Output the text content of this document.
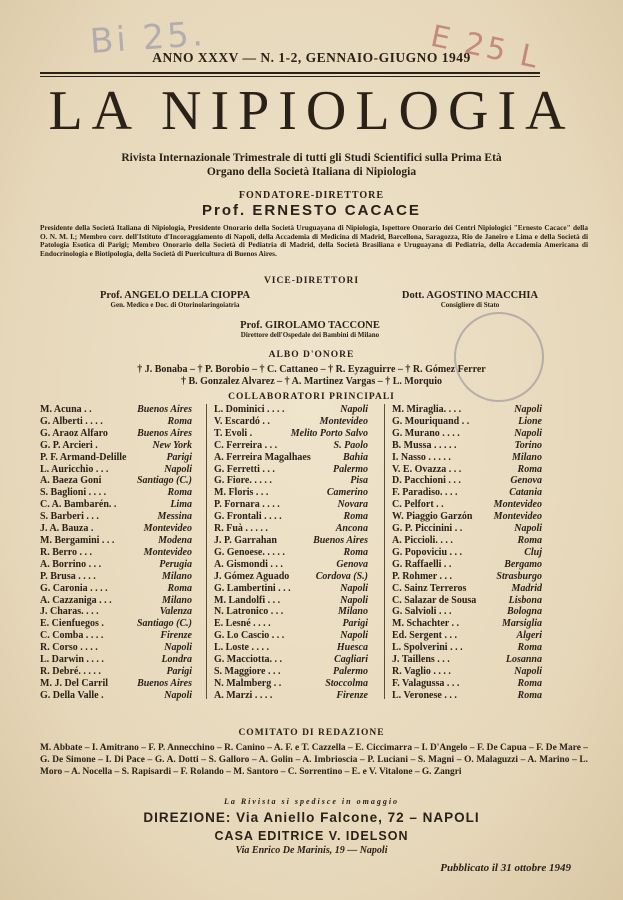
Bi 25.	E 25 L
ANNO XXXV — N. 1-2, GENNAIO-GIUGNO 1949
LA NIPIOLOGIA
Rivista Internazionale Trimestrale di tutti gli Studi Scientifici sulla Prima Età
Organo della Società Italiana di Nipiologia
FONDATORE-DIRETTORE
Prof. ERNESTO CACACE
Presidente della Società Italiana di Nipiologia, Presidente Onorario della Società Uruguayana di Nipiologia, Ispettore Onorario dei Centri Nipiologici "Ernesto Cacace" della O. N. M. I.; Membro corr. dell'Istituto d'Incoraggiamento di Napoli, della Accademia di Medicina di Madrid, Barcellona, Saragozza, Rio de Janeiro e Lima e della Società di Patologia Esotica di Parigi; Membro Onorario della Società di Pediatria di Madrid, della Società Brasiliana e Uruguayana di Pediatria, della Accademia Americana di Endocrinologia e Biotipologia, della Società di Puericultura di Buenos Aires.
VICE-DIRETTORI
Prof. ANGELO DELLA CIOPPA
Gen. Medico e Doc. di Otorinolaringoiatria
Dott. AGOSTINO MACCHIA
Consigliere di Stato
Prof. GIROLAMO TACCONE
Direttore dell'Ospedale dei Bambini di Milano
ALBO D'ONORE
† J. Bonaba – † P. Borobio – † C. Cattaneo – † R. Eyzaguirre – † R. Gómez Ferrer
† B. Gonzalez Alvarez – † A. Martinez Vargas – † L. Morquio
COLLABORATORI PRINCIPALI
M. Acuna . .	Buenos Aires
G. Alberti . . . .	Roma
G. Araoz Alfaro	Buenos Aires
G. P. Arcieri .	New York
P. F. Armand-Delille	Parigi
L. Auricchio . . .	Napoli
A. Baeza Goni	Santiago (C.)
S. Baglioni . . . .	Roma
C. A. Bambarén. .	Lima
S. Barberi . . .	Messina
J. A. Bauza .	Montevideo
M. Bergamini . . .	Modena
R. Berro . . .	Montevideo
A. Borrino . . .	Perugia
P. Brusa . . . .	Milano
G. Caronia . . . .	Roma
A. Cazzaniga . . .	Milano
J. Charas. . . .	Valenza
E. Cienfuegos .	Santiago (C.)
C. Comba . . . .	Firenze
R. Corso . . . .	Napoli
L. Darwin . . . .	Londra
R. Debré. . . . .	Parigi
M. J. Del Carril	Buenos Aires
G. Della Valle .	Napoli
L. Dominici . . . .	Napoli
V. Escardó . .	Montevideo
T. Evoli .	Melito Porto Salvo
C. Ferreira . . .	S. Paolo
A. Ferreira Magalhaes	Bahia
G. Ferretti . . .	Palermo
G. Fiore. . . . .	Pisa
M. Floris . . .	Camerino
P. Fornara . . . .	Novara
G. Frontali . . . .	Roma
R. Fuà . . . . .	Ancona
J. P. Garrahan	Buenos Aires
G. Genoese. . . . .	Roma
A. Gismondi . . .	Genova
J. Gómez Aguado	Cordova (S.)
G. Lambertini . . .	Napoli
M. Landolfi . . .	Napoli
N. Latronico . . .	Milano
E. Lesné . . . .	Parigi
G. Lo Cascio . . .	Napoli
L. Loste . . . .	Huesca
G. Macciotta. . .	Cagliari
S. Maggiore . . .	Palermo
N. Malmberg . .	Stoccolma
A. Marzi . . . .	Firenze
M. Miraglia. . . .	Napoli
G. Mouriquand . .	Lione
G. Murano . . . .	Napoli
B. Mussa . . . . .	Torino
I. Nasso . . . . .	Milano
V. E. Ovazza . . .	Roma
D. Pacchioni . . .	Genova
F. Paradiso. . . .	Catania
C. Pelfort . .	Montevideo
W. Piaggio Garzón Montevideo
G. P. Piccinini . .	Napoli
A. Piccioli. . . .	Roma
G. Popoviciu . . .	Cluj
G. Raffaelli . .	Bergamo
P. Rohmer . . .	Strasburgo
C. Sainz Terreros	Madrid
C. Salazar de Sousa	Lisbona
G. Salvioli . . .	Bologna
M. Schachter . .	Marsiglia
Ed. Sergent . . .	Algeri
L. Spolverini . . .	Roma
J. Taillens . . .	Losanna
R. Vaglio . . . .	Napoli
F. Valagussa . . .	Roma
L. Veronese . . .	Roma
COMITATO DI REDAZIONE
M. Abbate – I. Amitrano – F. P. Annecchino – R. Canino – A. F. e T. Cazzella – E. Ciccimarra – I. D'Angelo – F. De Capua – F. De Mare – G. De Simone – I. Di Pace – G. A. Dotti – S. Galloro – A. Golin – A. Imbrioscia – P. Luciani – S. Magni – O. Malaguzzi – A. Marino – L. Moro – A. Nocella – S. Rapisardi – F. Rolando – M. Santoro – C. Sorrentino – E. e V. Vitalone – G. Zangri
La Rivista si spedisce in omaggio
DIREZIONE: Via Aniello Falcone, 72 – NAPOLI
CASA EDITRICE V. IDELSON
Via Enrico De Marinis, 19 — Napoli
Pubblicato il 31 ottobre 1949
